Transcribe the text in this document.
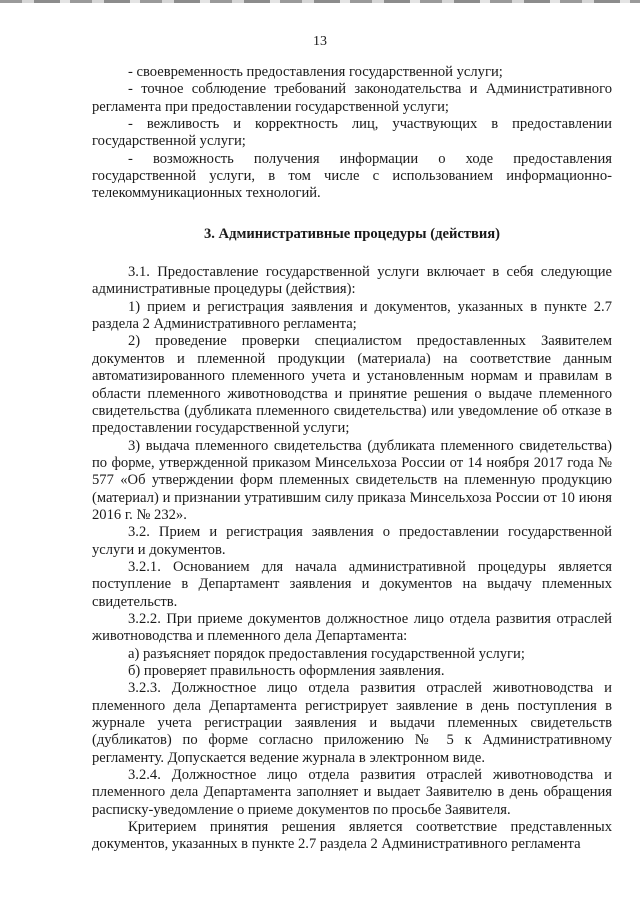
13

- своевременность предоставления государственной услуги;

- точное соблюдение требований законодательства и Административного регламента при предоставлении государственной услуги;

- вежливость и корректность лиц, участвующих в предоставлении государственной услуги;

- возможность получения информации о ходе предоставления государственной услуги, в том числе с использованием информационно-телекоммуникационных технологий.

3. Административные процедуры (действия)

3.1. Предоставление государственной услуги включает в себя следующие административные процедуры (действия):

1) прием и регистрация заявления и документов, указанных в пункте 2.7 раздела 2 Административного регламента;

2) проведение проверки специалистом предоставленных Заявителем документов и племенной продукции (материала) на соответствие данным автоматизированного племенного учета и установленным нормам и правилам в области племенного животноводства и принятие решения о выдаче племенного свидетельства (дубликата племенного свидетельства) или уведомление об отказе в предоставлении государственной услуги;

3) выдача племенного свидетельства (дубликата племенного свидетельства) по форме, утвержденной приказом Минсельхоза России от 14 ноября 2017 года № 577 «Об утверждении форм племенных свидетельств на племенную продукцию (материал) и признании утратившим силу приказа Минсельхоза России от 10 июня 2016 г. № 232».

3.2. Прием и регистрация заявления о предоставлении государственной услуги и документов.

3.2.1. Основанием для начала административной процедуры является поступление в Департамент заявления и документов на выдачу племенных свидетельств.

3.2.2. При приеме документов должностное лицо отдела развития отраслей животноводства и племенного дела Департамента:

а) разъясняет порядок предоставления государственной услуги;

б) проверяет правильность оформления заявления.

3.2.3. Должностное лицо отдела развития отраслей животноводства и племенного дела Департамента регистрирует заявление в день поступления в журнале учета регистрации заявления и выдачи племенных свидетельств (дубликатов) по форме согласно приложению № 5 к Административному регламенту. Допускается ведение журнала в электронном виде.

3.2.4. Должностное лицо отдела развития отраслей животноводства и племенного дела Департамента заполняет и выдает Заявителю в день обращения расписку-уведомление о приеме документов по просьбе Заявителя.

Критерием принятия решения является соответствие представленных документов, указанных в пункте 2.7 раздела 2 Административного регламента
